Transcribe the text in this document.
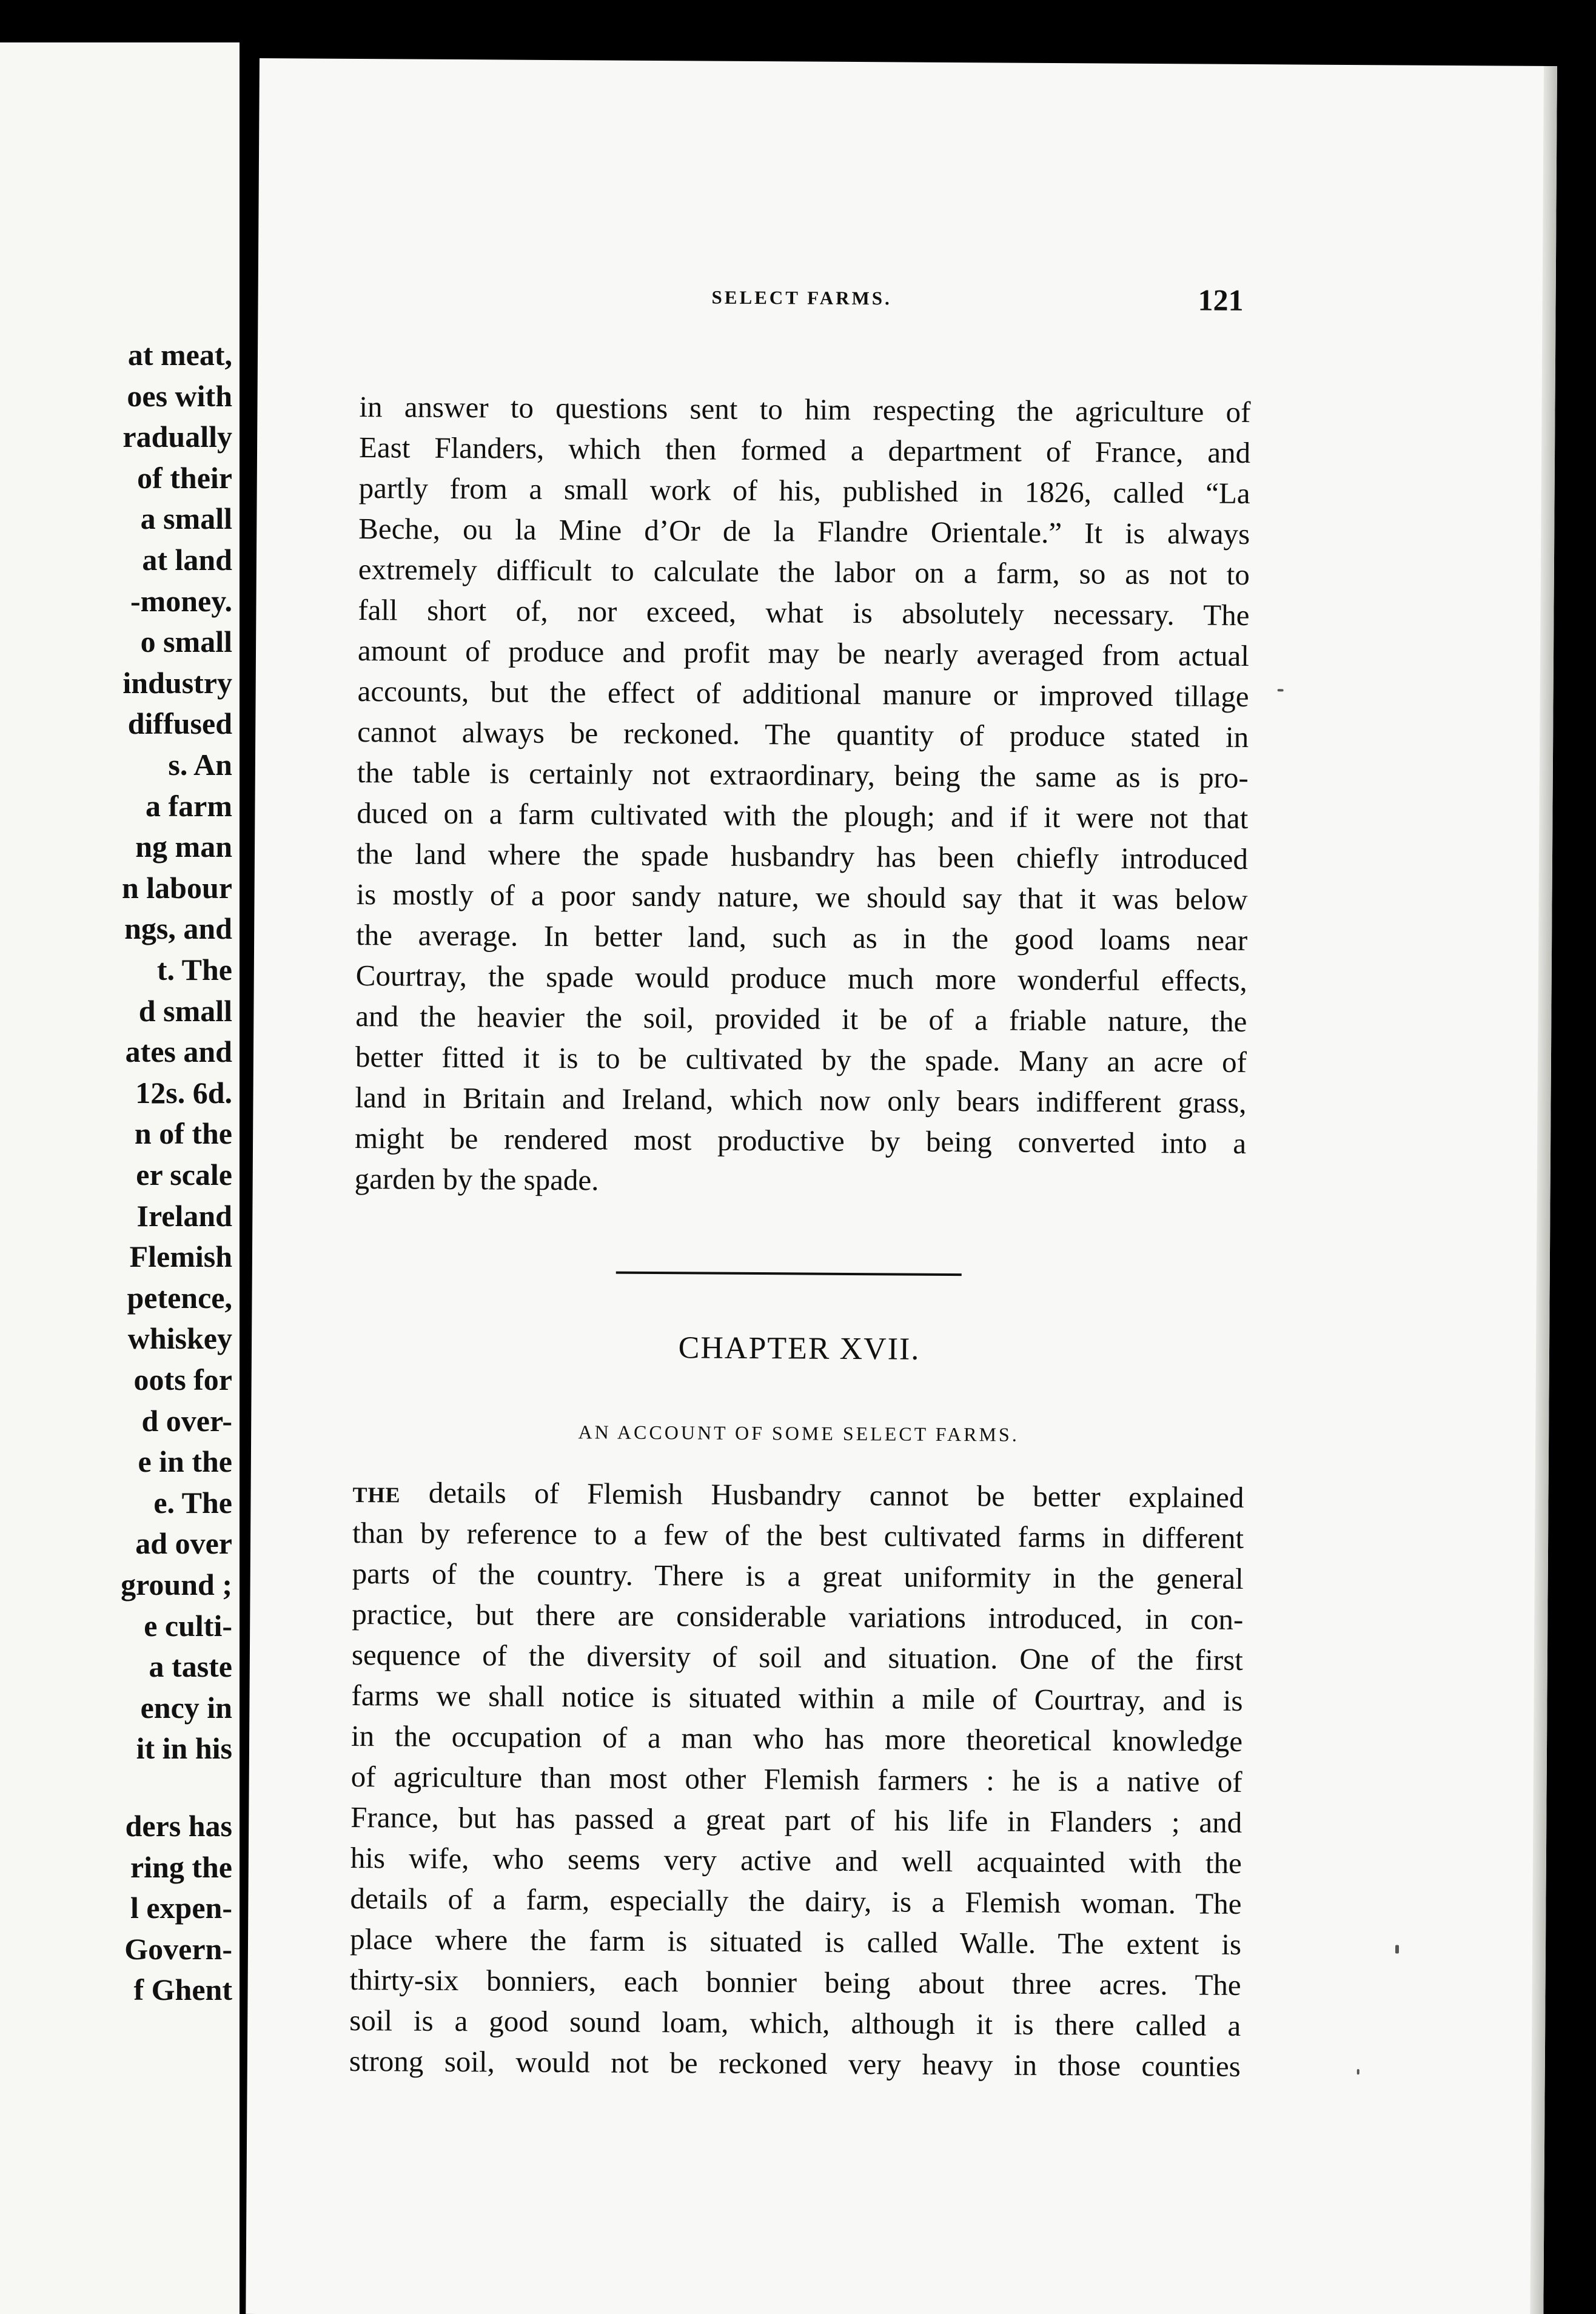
at meat,
oes with
radually
of their
a small
at land
-money.
o small
industry
diffused
s. An
a farm
ng man
n labour
ngs, and
t. The
d small
ates and
12s. 6d.
n of the
er scale
Ireland
Flemish
petence,
whiskey
oots for
d over-
e in the
e. The
ad over
ground ;
e culti-
a taste
ency in
it in his
ders has
ring the
l expen-
Govern-
f Ghent
SELECT FARMS.	121
in answer to questions sent to him respecting the agriculture of
East Flanders, which then formed a department of France, and
partly from a small work of his, published in 1826, called “La
Beche, ou la Mine d’Or de la Flandre Orientale.” It is always
extremely difficult to calculate the labor on a farm, so as not to
fall short of, nor exceed, what is absolutely necessary. The
amount of produce and profit may be nearly averaged from actual
accounts, but the effect of additional manure or improved tillage
cannot always be reckoned. The quantity of produce stated in
the table is certainly not extraordinary, being the same as is pro-
duced on a farm cultivated with the plough; and if it were not that
the land where the spade husbandry has been chiefly introduced
is mostly of a poor sandy nature, we should say that it was below
the average. In better land, such as in the good loams near
Courtray, the spade would produce much more wonderful effects,
and the heavier the soil, provided it be of a friable nature, the
better fitted it is to be cultivated by the spade. Many an acre of
land in Britain and Ireland, which now only bears indifferent grass,
might be rendered most productive by being converted into a
garden by the spade.
CHAPTER XVII.
AN ACCOUNT OF SOME SELECT FARMS.
THE details of Flemish Husbandry cannot be better explained
than by reference to a few of the best cultivated farms in different
parts of the country. There is a great uniformity in the general
practice, but there are considerable variations introduced, in con-
sequence of the diversity of soil and situation. One of the first
farms we shall notice is situated within a mile of Courtray, and is
in the occupation of a man who has more theoretical knowledge
of agriculture than most other Flemish farmers : he is a native of
France, but has passed a great part of his life in Flanders ; and
his wife, who seems very active and well acquainted with the
details of a farm, especially the dairy, is a Flemish woman. The
place where the farm is situated is called Walle. The extent is
thirty-six bonniers, each bonnier being about three acres. The
soil is a good sound loam, which, although it is there called a
strong soil, would not be reckoned very heavy in those counties
